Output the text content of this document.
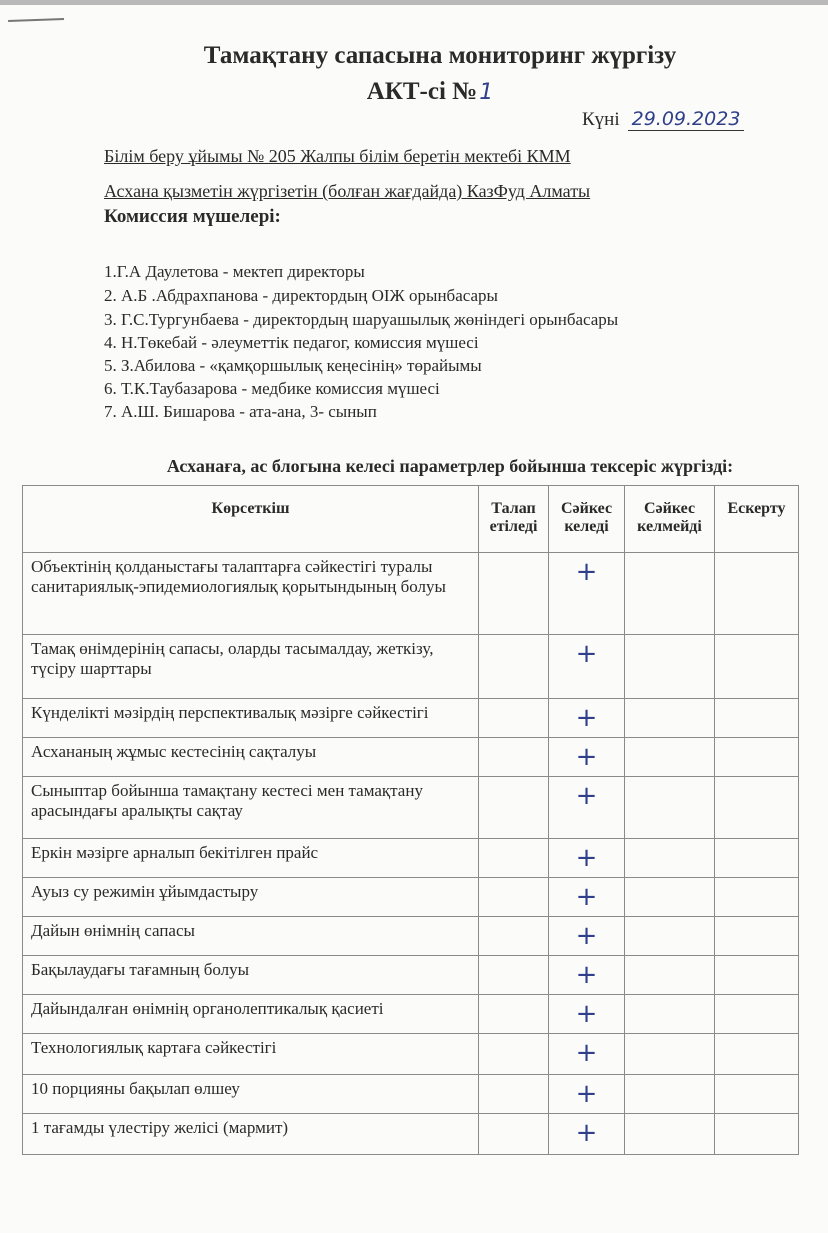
Тамақтану сапасына мониторинг жүргізу
АКТ-сі №1
Күні 29.09.2023
Білім беру ұйымы № 205 Жалпы білім беретін мектебі КММ
Асхана қызметін жүргізетін (болған жағдайда) КазФуд Алматы
Комиссия мүшелері:
1.Г.А Даулетова - мектеп директоры
2. А.Б .Абдрахпанова - директордың ОІЖ орынбасары
3. Г.С.Тургунбаева - директордың шаруашылық жөніндегі орынбасары
4. Н.Төкебай - әлеуметтік педагог, комиссия мүшесі
5. З.Абилова - «қамқоршылық кеңесінің» төрайымы
6. Т.К.Таубазарова - медбике комиссия мүшесі
7. А.Ш. Бишарова - ата-ана, 3- сынып
Асханаға, ас блогына келесі параметрлер бойынша тексеріс жүргізді:
Көрсеткіш	Талап етіледі	Сәйкес келеді	Сәйкес келмейді	Ескерту
Объектінің қолданыстағы талаптарға сәйкестігі туралы санитариялық-эпидемиологиялық қорытындының болуы		+		
Тамақ өнімдерінің сапасы, оларды тасымалдау, жеткізу, түсіру шарттары		+		
Күнделікті мәзірдің перспективалық мәзірге сәйкестігі		+		
Асхананың жұмыс кестесінің сақталуы		+		
Сыныптар бойынша тамақтану кестесі мен тамақтану арасындағы аралықты сақтау		+		
Еркін мәзірге арналып бекітілген прайс		+		
Ауыз су режимін ұйымдастыру		+		
Дайын өнімнің сапасы		+		
Бақылаудағы тағамның болуы		+		
Дайындалған өнімнің органолептикалық қасиеті		+		
Технологиялық картаға сәйкестігі		+		
10 порцияны бақылап өлшеу		+		
1 тағамды үлестіру желісі (мармит)		+		
